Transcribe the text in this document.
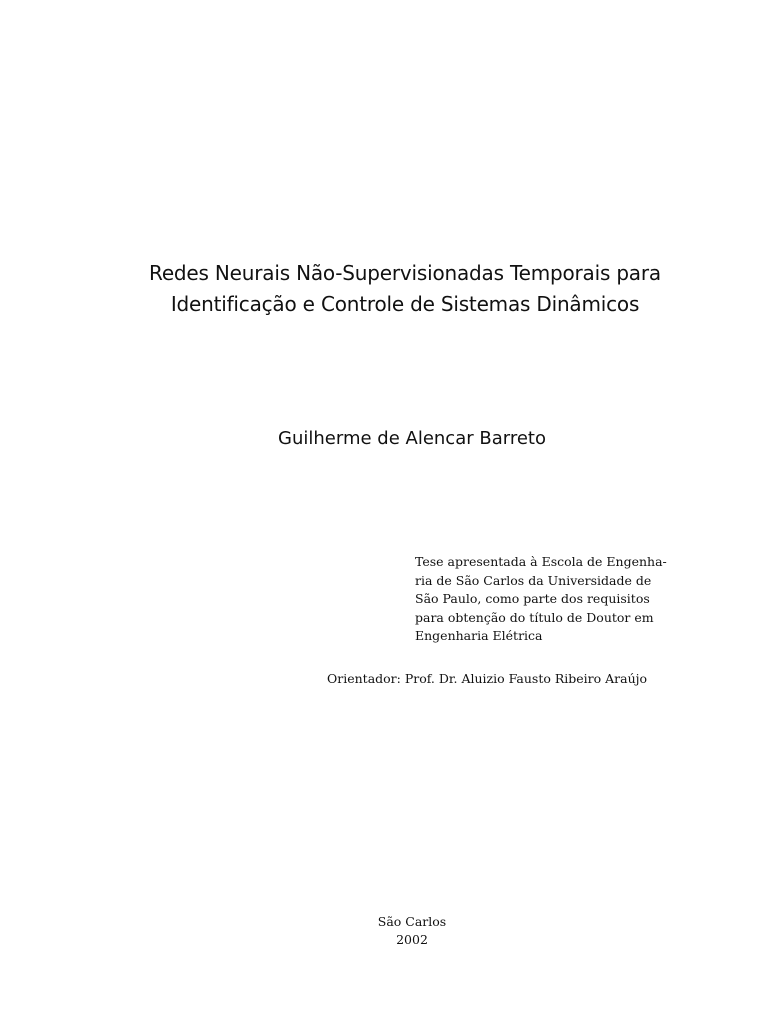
Redes Neurais Não-Supervisionadas Temporais para
Identificação e Controle de Sistemas Dinâmicos
Guilherme de Alencar Barreto
Tese apresentada à Escola de Engenha-
ria de São Carlos da Universidade de
São Paulo, como parte dos requisitos
para obtenção do título de Doutor em
Engenharia Elétrica
Orientador: Prof. Dr. Aluizio Fausto Ribeiro Araújo
São Carlos
2002
